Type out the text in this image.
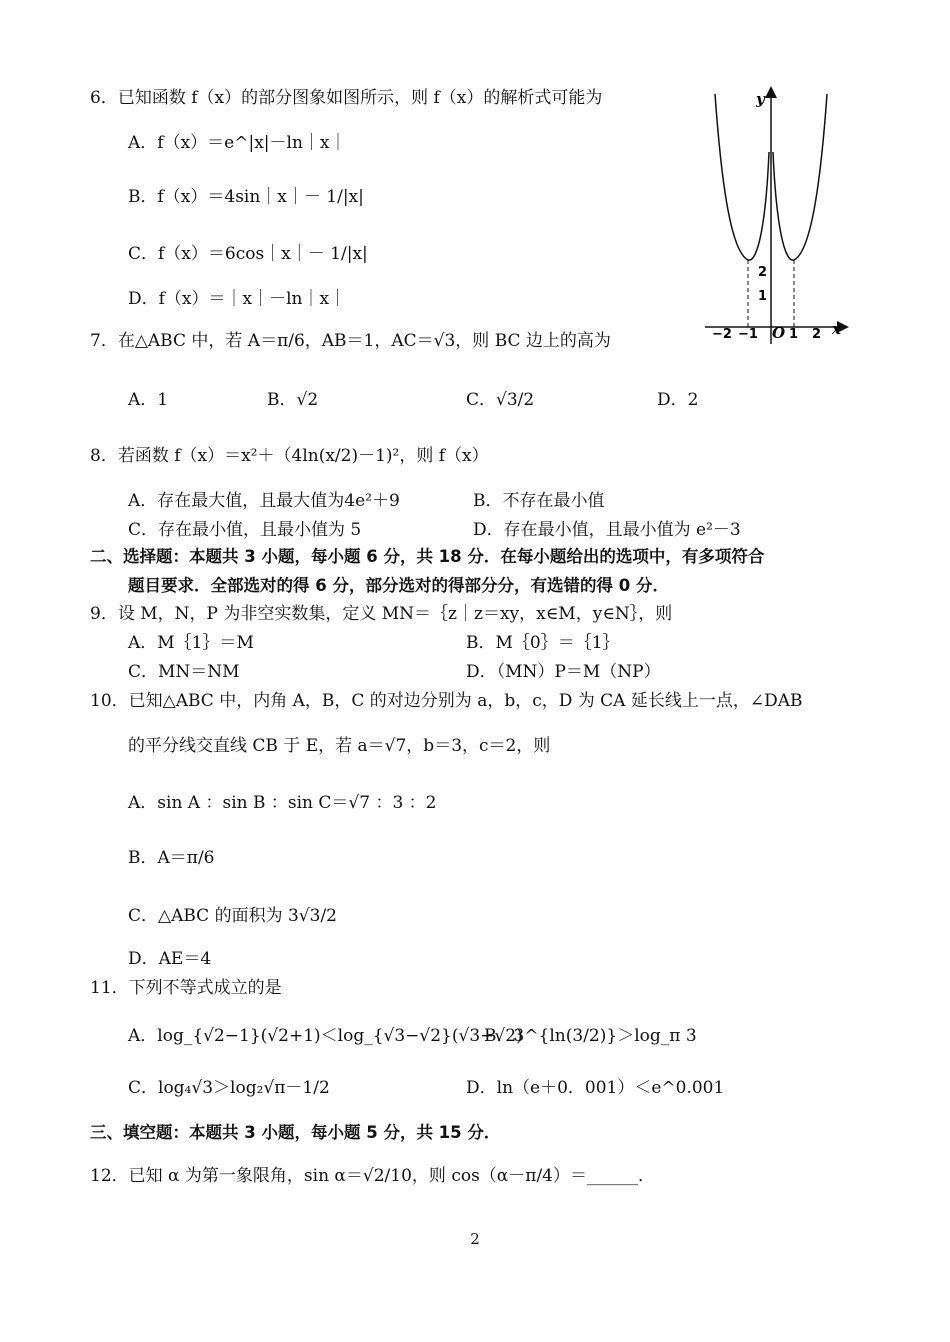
6．已知函数 f（x）的部分图象如图所示，则 f（x）的解析式可能为
A．f（x）＝e^|x|－ln｜x｜
B．f（x）＝4sin｜x｜－ 1/|x|
C．f（x）＝6cos｜x｜－ 1/|x|
D．f（x）＝｜x｜－ln｜x｜
y
x
O
2
1
−2 −1 1 2
7．在△ABC 中，若 A＝π/6，AB＝1，AC＝√3，则 BC 边上的高为
A．1	B．√2	C．√3/2	D．2
8．若函数 f（x）＝x²＋（4ln(x/2)－1)²，则 f（x）
A．存在最大值，且最大值为4e²＋9	B．不存在最小值
C．存在最小值，且最小值为 5	D．存在最小值，且最小值为 e²－3
二、选择题：本题共 3 小题，每小题 6 分，共 18 分．在每小题给出的选项中，有多项符合
题目要求．全部选对的得 6 分，部分选对的得部分分，有选错的得 0 分．
9．设 M，N，P 为非空实数集，定义 MN＝｛z｜z＝xy，x∈M，y∈N｝，则
A．M｛1｝＝M	B．M｛0｝＝｛1｝
C．MN＝NM	D．（MN）P＝M（NP）
10．已知△ABC 中，内角 A，B，C 的对边分别为 a，b，c，D 为 CA 延长线上一点，∠DAB
的平分线交直线 CB 于 E，若 a＝√7，b＝3，c＝2，则
A．sin A ：sin B ：sin C＝√7 ：3 ：2
B．A＝π/6
C．△ABC 的面积为 3√3/2
D．AE＝4
11．下列不等式成立的是
A．log_{√2−1}(√2+1)＜log_{√3−√2}(√3+√2)
B．3^{ln(3/2)}＞log_π 3
C．log₄√3＞log₂√π－1/2	D．ln（e＋0．001）＜e^0.001
三、填空题：本题共 3 小题，每小题 5 分，共 15 分．
12．已知 α 为第一象限角，sin α＝√2/10，则 cos（α－π/4）＝______．
2
